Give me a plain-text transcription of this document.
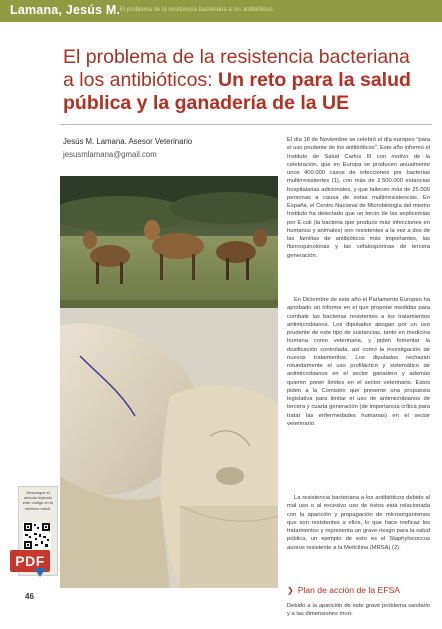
Lamana, Jesús M. El problema de la resistencia bacteriana a los antibióticos
El problema de la resistencia bacteriana a los antibióticos: Un reto para la salud pública y la ganadería de la UE
Jesús M. Lamana. Asesor Veterinario
jesusmlamana@gmail.com
Descargue el artículo leyendo este código en tu teléfono móvil.
PDF
46

El día 18 de Noviembre se celebró el día europeo "para el uso prudente de los antibióticos". Este año informó el Instituto de Salud Carlos III con motivo de la celebración, que en Europa se producen anualmente unos 400.000 casos de infecciones por bacterias multirresistentes (1), con más de 2.500.000 estancias hospitalarias adicionales, y que fallecen más de 25.000 personas a causa de estas multirresistencias. En España, el Centro Nacional de Microbiología del mismo Instituto ha detectado que un tercio de las septicemias por E.coli (la bacteria que produce más infecciones en humanos y animales) son resistentes a la vez a dos de las familias de antibióticos más importantes, las fluoroquinolonas y las cefalosporinas de tercera generación.

En Diciembre de este año el Parlamento Europeo ha aprobado un informe en el que propone medidas para combatir las bacterias resistentes a los tratamientos antimicrobianos. Los diputados abogan por un uso prudente de este tipo de sustancias, tanto en medicina humana como veterinaria, y piden fomentar la dosificación controlada, así como la investigación de nuevos tratamientos. Los diputados rechazan rotundamente el uso profiláctico y sistemático de antimicrobianos en el sector ganadero y además quieren poner límites en el sector veterinario. Estos piden a la Comisión que presente una propuesta legislativa para limitar el uso de antimicrobianos de tercera y cuarta generación (de importancia crítica para tratar las enfermedades humanas) en el sector veterinario.

La resistencia bacteriana a los antibióticos debido al mal uso o al excesivo uso de éstos está relacionada con la aparición y propagación de microorganismos que son resistentes a ellos, lo que hace ineficaz los tratamientos y representa un grave riesgo para la salud pública, un ejemplo de esto es el Staphylococcus aureus resistente a la Meticilina (MRSA) (2).

❯ Plan de acción de la EFSA

Debido a la aparición de este grave problema sanitario y a las dimensiones mun-
